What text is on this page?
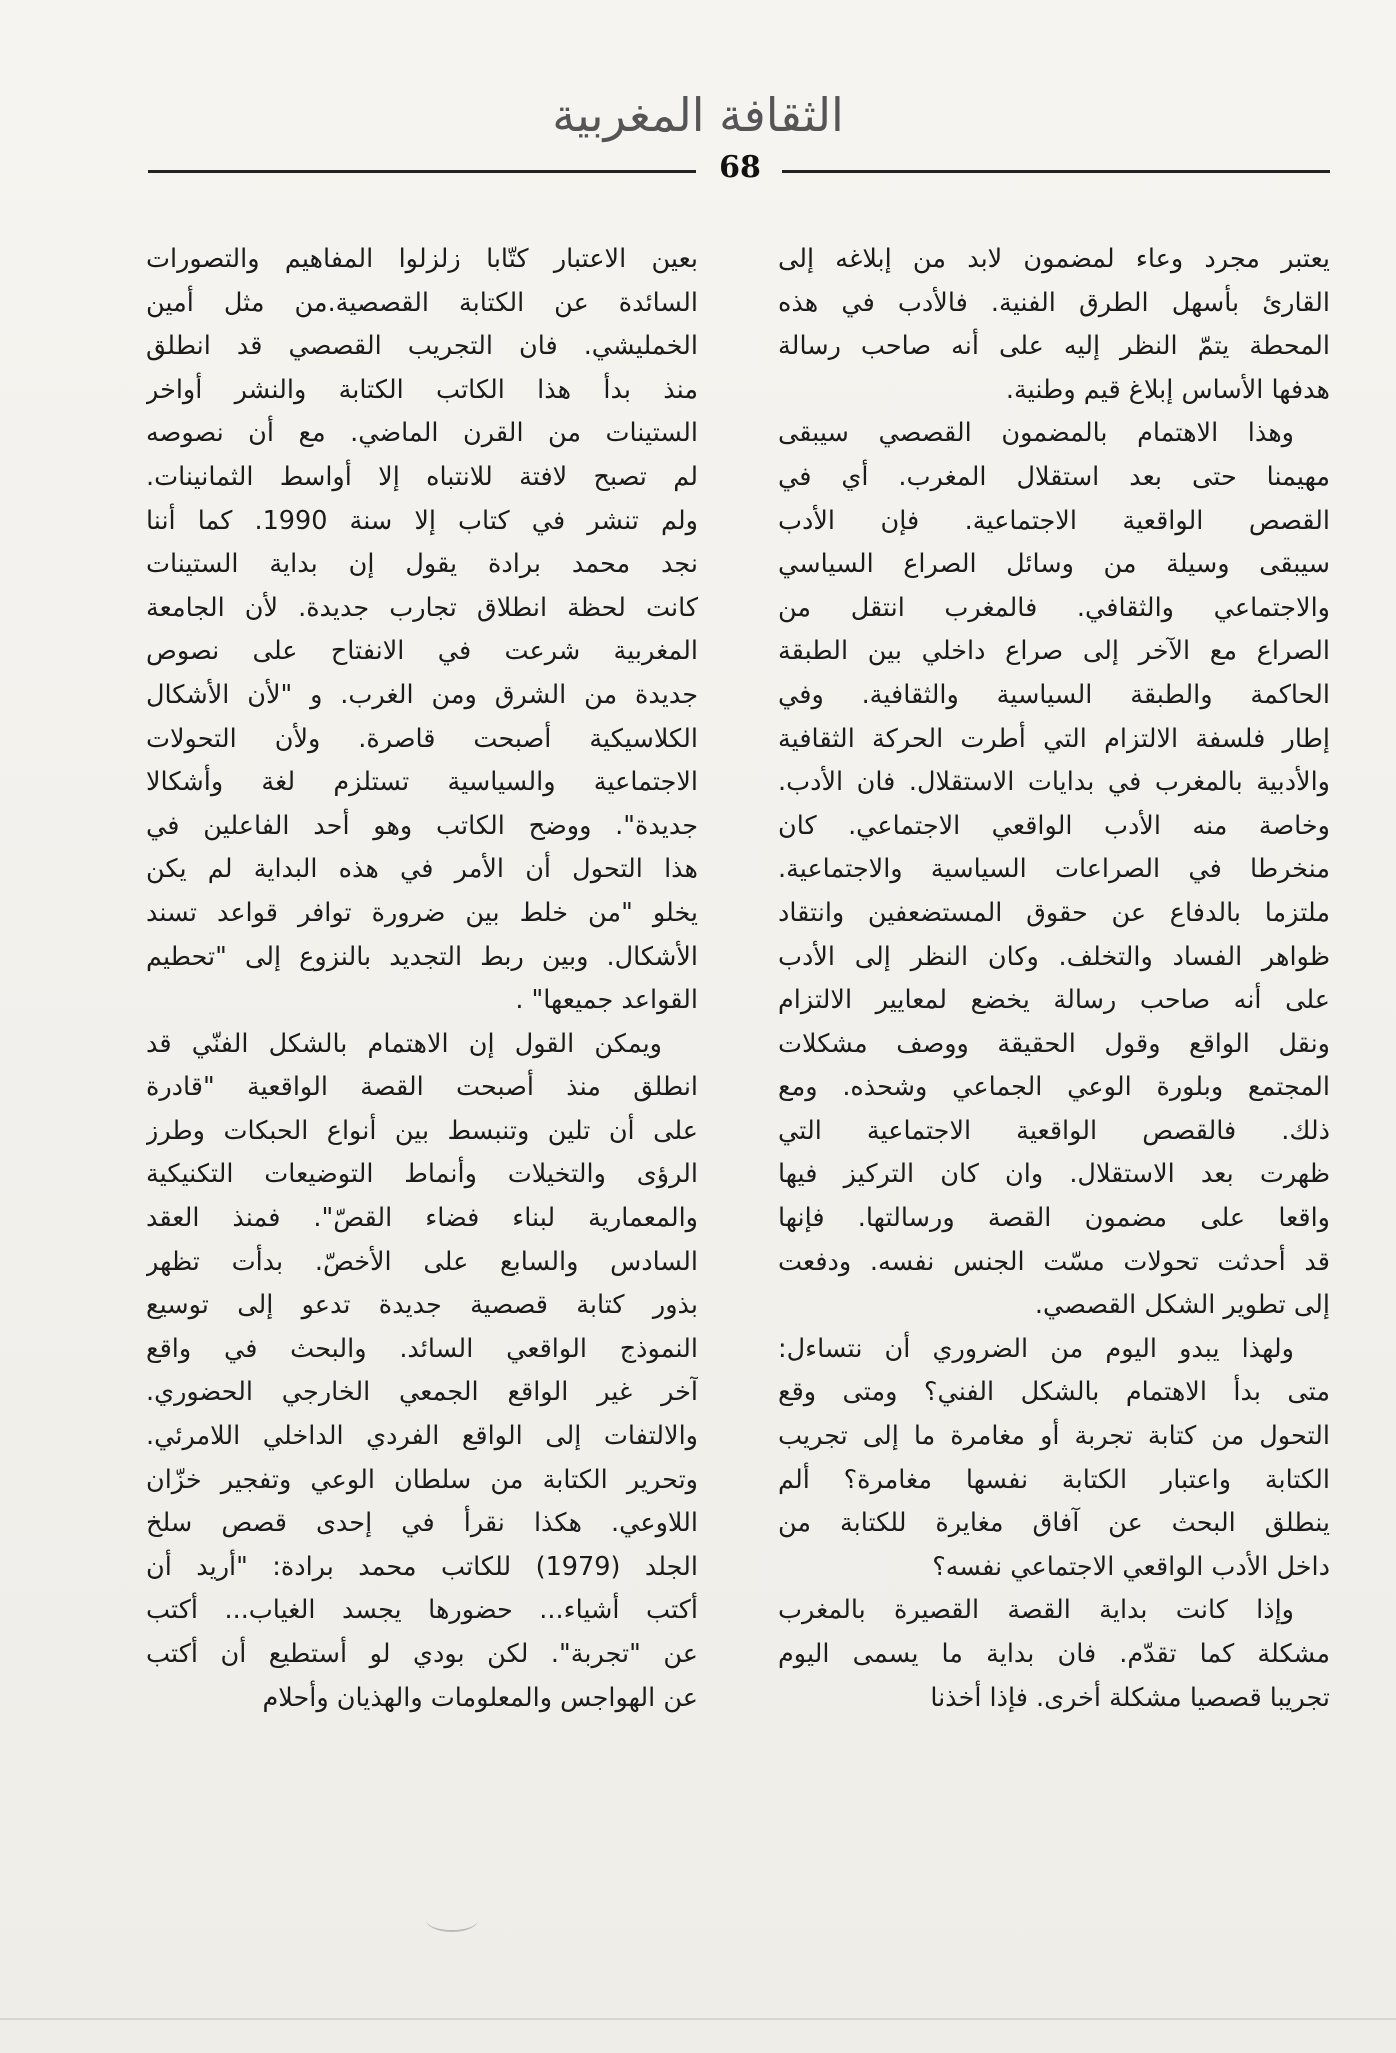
الثقافة المغربية
68

يعتبر مجرد وعاء لمضمون لابد من إبلاغه إلى
القارئ بأسهل الطرق الفنية. فالأدب في هذه
المحطة يتمّ النظر إليه على أنه صاحب رسالة
هدفها الأساس إبلاغ قيم وطنية.

وهذا الاهتمام بالمضمون القصصي سيبقى
مهيمنا حتى بعد استقلال المغرب. أي في
القصص الواقعية الاجتماعية. فإن الأدب
سيبقى وسيلة من وسائل الصراع السياسي
والاجتماعي والثقافي. فالمغرب انتقل من
الصراع مع الآخر إلى صراع داخلي بين الطبقة
الحاكمة والطبقة السياسية والثقافية. وفي
إطار فلسفة الالتزام التي أطرت الحركة الثقافية
والأدبية بالمغرب في بدايات الاستقلال. فان الأدب.
وخاصة منه الأدب الواقعي الاجتماعي. كان
منخرطا في الصراعات السياسية والاجتماعية.
ملتزما بالدفاع عن حقوق المستضعفين وانتقاد
ظواهر الفساد والتخلف. وكان النظر إلى الأدب
على أنه صاحب رسالة يخضع لمعايير الالتزام
ونقل الواقع وقول الحقيقة ووصف مشكلات
المجتمع وبلورة الوعي الجماعي وشحذه. ومع
ذلك. فالقصص الواقعية الاجتماعية التي
ظهرت بعد الاستقلال. وان كان التركيز فيها
واقعا على مضمون القصة ورسالتها. فإنها
قد أحدثت تحولات مسّت الجنس نفسه. ودفعت
إلى تطوير الشكل القصصي.

ولهذا يبدو اليوم من الضروري أن نتساءل:
متى بدأ الاهتمام بالشكل الفني؟ ومتى وقع
التحول من كتابة تجربة أو مغامرة ما إلى تجريب
الكتابة واعتبار الكتابة نفسها مغامرة؟ ألم
ينطلق البحث عن آفاق مغايرة للكتابة من
داخل الأدب الواقعي الاجتماعي نفسه؟

وإذا كانت بداية القصة القصيرة بالمغرب
مشكلة كما تقدّم. فان بداية ما يسمى اليوم
تجريبا قصصيا مشكلة أخرى. فإذا أخذنا

بعين الاعتبار كتّابا زلزلوا المفاهيم والتصورات
السائدة عن الكتابة القصصية.من مثل أمين
الخمليشي. فان التجريب القصصي قد انطلق
منذ بدأ هذا الكاتب الكتابة والنشر أواخر
الستينات من القرن الماضي. مع أن نصوصه
لم تصبح لافتة للانتباه إلا أواسط الثمانينات.
ولم تنشر في كتاب إلا سنة 1990. كما أننا
نجد محمد برادة يقول إن بداية الستينات
كانت لحظة انطلاق تجارب جديدة. لأن الجامعة
المغربية شرعت في الانفتاح على نصوص
جديدة من الشرق ومن الغرب. و "لأن الأشكال
الكلاسيكية أصبحت قاصرة. ولأن التحولات
الاجتماعية والسياسية تستلزم لغة وأشكالا
جديدة". ووضح الكاتب وهو أحد الفاعلين في
هذا التحول أن الأمر في هذه البداية لم يكن
يخلو "من خلط بين ضرورة توافر قواعد تسند
الأشكال. وبين ربط التجديد بالنزوع إلى "تحطيم
القواعد جميعها" .

ويمكن القول إن الاهتمام بالشكل الفنّي قد
انطلق منذ أصبحت القصة الواقعية "قادرة
على أن تلين وتنبسط بين أنواع الحبكات وطرز
الرؤى والتخيلات وأنماط التوضيعات التكنيكية
والمعمارية لبناء فضاء القصّ". فمنذ العقد
السادس والسابع على الأخصّ. بدأت تظهر
بذور كتابة قصصية جديدة تدعو إلى توسيع
النموذج الواقعي السائد. والبحث في واقع
آخر غير الواقع الجمعي الخارجي الحضوري.
والالتفات إلى الواقع الفردي الداخلي اللامرئي.
وتحرير الكتابة من سلطان الوعي وتفجير خزّان
اللاوعي. هكذا نقرأ في إحدى قصص سلخ
الجلد (1979) للكاتب محمد برادة: "أريد أن
أكتب أشياء... حضورها يجسد الغياب... أكتب
عن "تجربة". لكن بودي لو أستطيع أن أكتب
عن الهواجس والمعلومات والهذيان وأحلام
